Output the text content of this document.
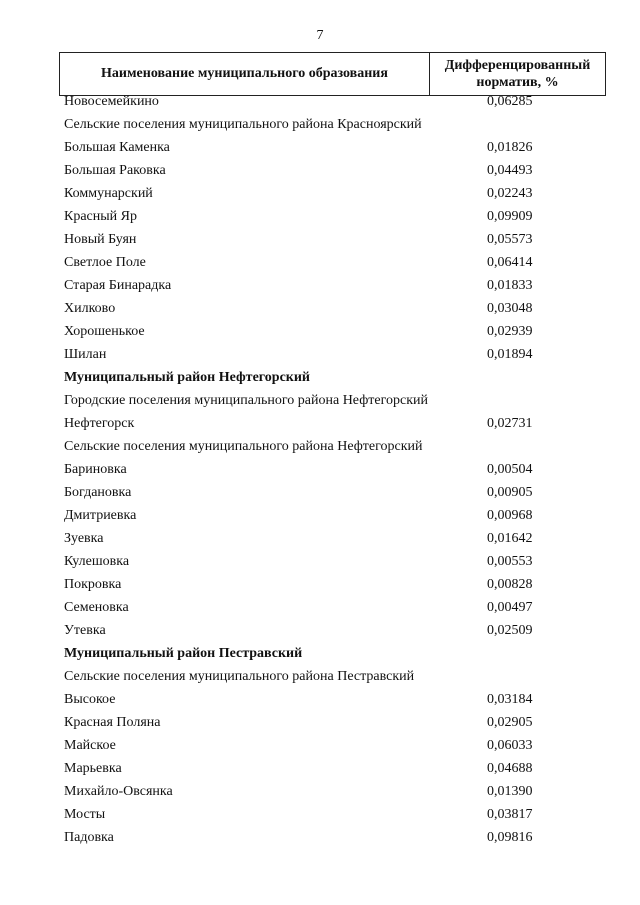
7
Наименование муниципального образования
Дифференцированный
норматив, %
Новосемейкино	0,06285
Сельские поселения муниципального района Красноярский
Большая Каменка	0,01826
Большая Раковка	0,04493
Коммунарский	0,02243
Красный Яр	0,09909
Новый Буян	0,05573
Светлое Поле	0,06414
Старая Бинарадка	0,01833
Хилково	0,03048
Хорошенькое	0,02939
Шилан	0,01894
Муниципальный район Нефтегорский
Городские поселения муниципального района Нефтегорский
Нефтегорск	0,02731
Сельские поселения муниципального района Нефтегорский
Бариновка	0,00504
Богдановка	0,00905
Дмитриевка	0,00968
Зуевка	0,01642
Кулешовка	0,00553
Покровка	0,00828
Семеновка	0,00497
Утевка	0,02509
Муниципальный район Пестравский
Сельские поселения муниципального района Пестравский
Высокое	0,03184
Красная Поляна	0,02905
Майское	0,06033
Марьевка	0,04688
Михайло-Овсянка	0,01390
Мосты	0,03817
Падовка	0,09816
